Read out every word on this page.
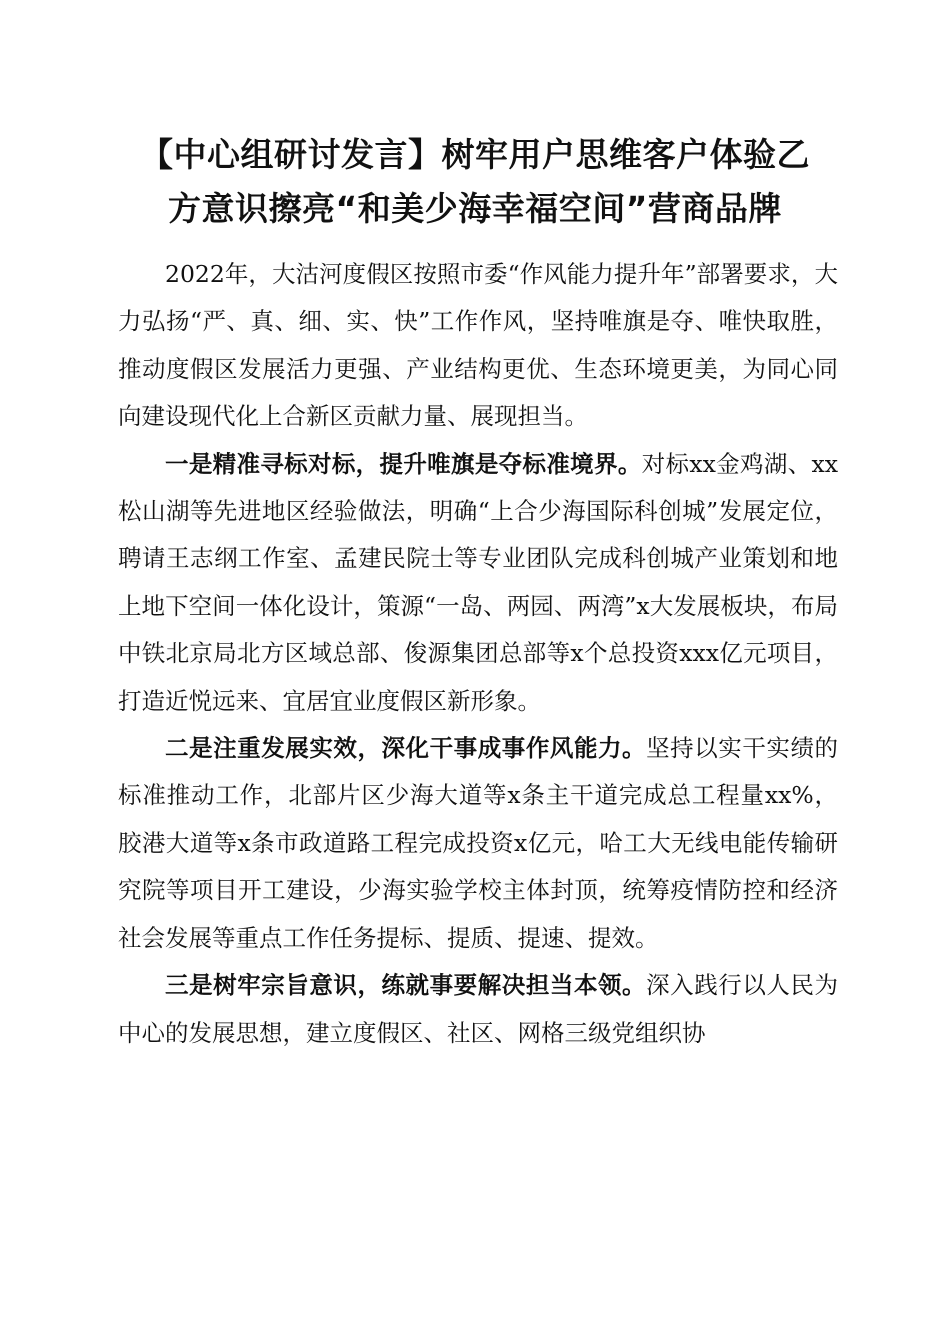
【中心组研讨发言】树牢用户思维客户体验乙
方意识擦亮“和美少海幸福空间”营商品牌

2022年，大沽河度假区按照市委“作风能力提升年”部署要求，大力弘扬“严、真、细、实、快”工作作风，坚持唯旗是夺、唯快取胜，推动度假区发展活力更强、产业结构更优、生态环境更美，为同心同向建设现代化上合新区贡献力量、展现担当。

一是精准寻标对标，提升唯旗是夺标准境界。对标xx金鸡湖、xx松山湖等先进地区经验做法，明确“上合少海国际科创城”发展定位，聘请王志纲工作室、孟建民院士等专业团队完成科创城产业策划和地上地下空间一体化设计，策源“一岛、两园、两湾”x大发展板块，布局中铁北京局北方区域总部、俊源集团总部等x个总投资xxx亿元项目，打造近悦远来、宜居宜业度假区新形象。

二是注重发展实效，深化干事成事作风能力。坚持以实干实绩的标准推动工作，北部片区少海大道等x条主干道完成总工程量xx%，胶港大道等x条市政道路工程完成投资x亿元，哈工大无线电能传输研究院等项目开工建设，少海实验学校主体封顶，统筹疫情防控和经济社会发展等重点工作任务提标、提质、提速、提效。

三是树牢宗旨意识，练就事要解决担当本领。深入践行以人民为中心的发展思想，建立度假区、社区、网格三级党组织协
